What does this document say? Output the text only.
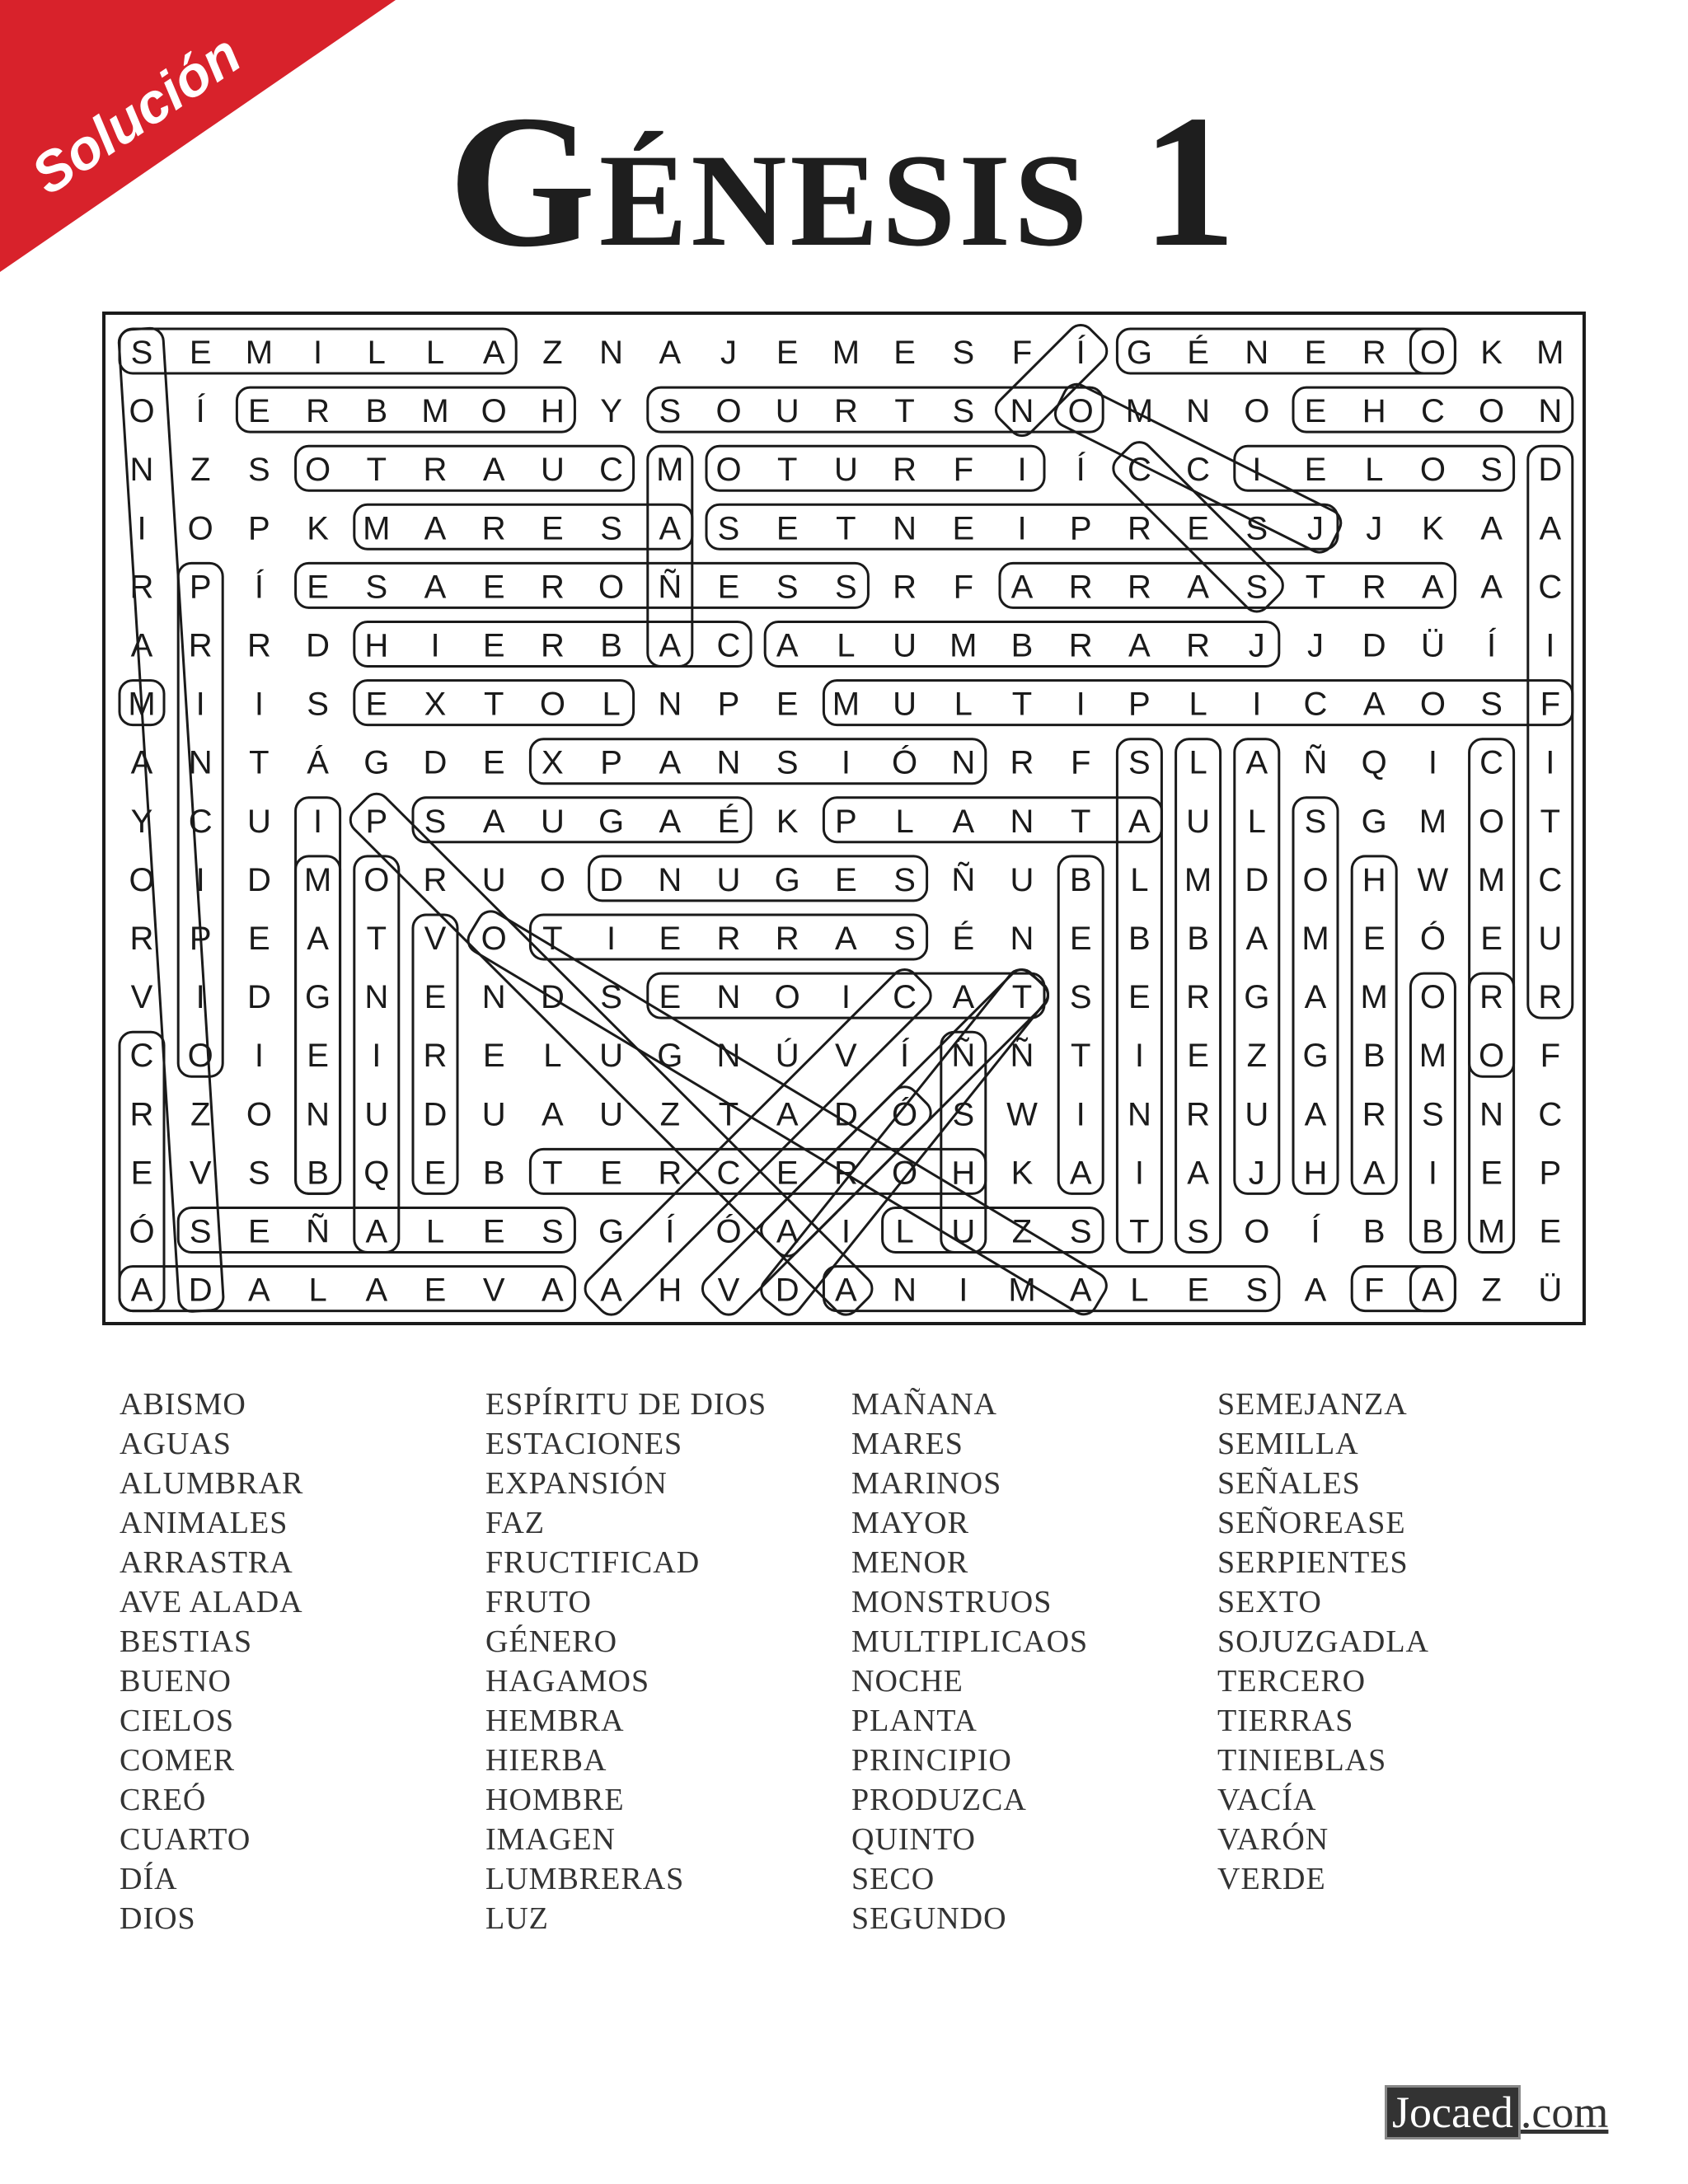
Solución	Génesis 1
S E M I L L A Z N A J E M E S F Í G É N E R O K M
O Í E R B M O H Y S O U R T S N O M N O E H C O N
N Z S O T R A U C M O T U R F I Í C C I E L O S D
I O P K M A R E S A S E T N E I P R E S J J K A A
R P Í E S A E R O Ñ E S S R F A R R A S T R A A C
A R R D H I E R B A C A L U M B R A R J J D Ü Í I
M I I S E X T O L N P E M U L T I P L I C A O S F
A N T Á G D E X P A N S I Ó N R F S L A Ñ Q I C I
Y C U I P S A U G A É K P L A N T A U L S G M O T
O I D M O R U O D N U G E S Ñ U B L M D O H W M C
R P E A T V O T I E R R A S É N E B B A M E Ó E U
V I D G N E N D S E N O I C A T S E R G A M O R R
C O I E I R E L U G N Ú V Í Ñ Ñ T I E Z G B M O F
R Z O N U D U A U Z T A D Ó S W I N R U A R S N C
E V S B Q E B T E R C E R O H K A I A J H A I E P
Ó S E Ñ A L E S G Í Ó A I L U Z S T S O Í B B M E
A D A L A E V A A H V D A N I M A L E S A F A Z Ü
ABISMO
AGUAS
ALUMBRAR
ANIMALES
ARRASTRA
AVE ALADA
BESTIAS
BUENO
CIELOS
COMER
CREÓ
CUARTO
DÍA
DIOS
ESPÍRITU DE DIOS
ESTACIONES
EXPANSIÓN
FAZ
FRUCTIFICAD
FRUTO
GÉNERO
HAGAMOS
HEMBRA
HIERBA
HOMBRE
IMAGEN
LUMBRERAS
LUZ
MAÑANA
MARES
MARINOS
MAYOR
MENOR
MONSTRUOS
MULTIPLICAOS
NOCHE
PLANTA
PRINCIPIO
PRODUZCA
QUINTO
SECO
SEGUNDO
SEMEJANZA
SEMILLA
SEÑALES
SEÑOREASE
SERPIENTES
SEXTO
SOJUZGADLA
TERCERO
TIERRAS
TINIEBLAS
VACÍA
VARÓN
VERDE
Jocaed .com
